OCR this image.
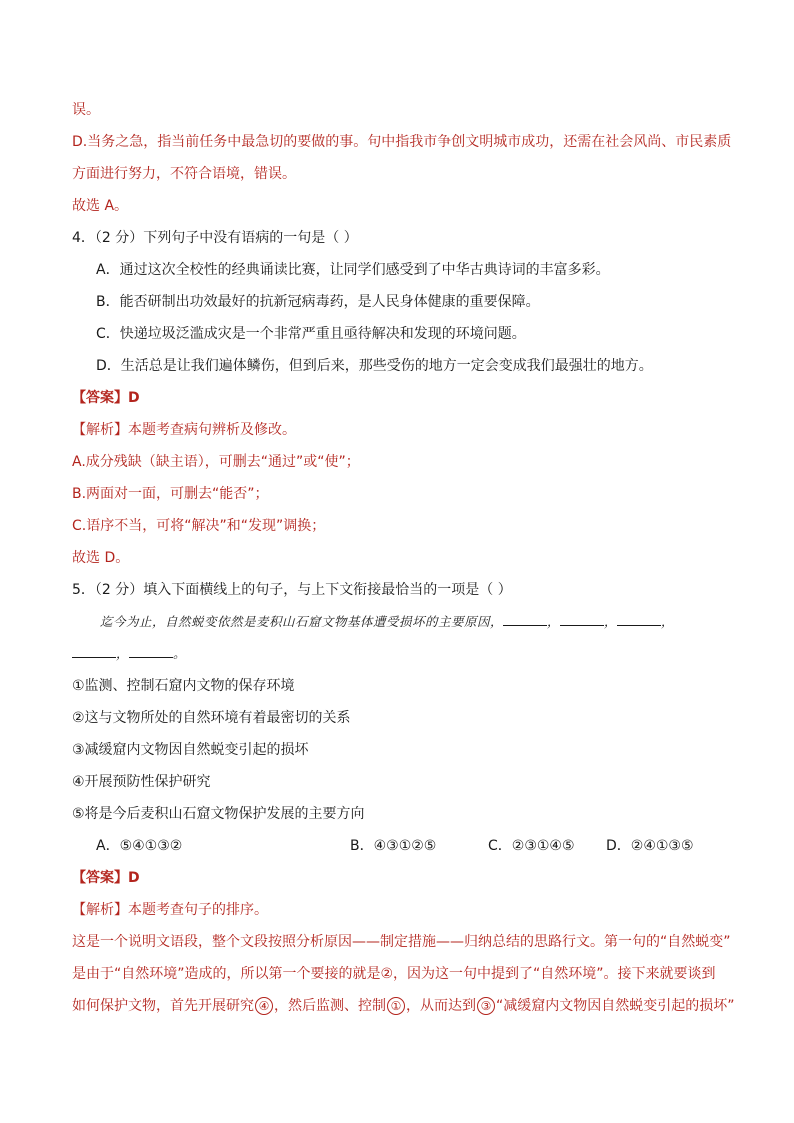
误。
D.当务之急，指当前任务中最急切的要做的事。句中指我市争创文明城市成功，还需在社会风尚、市民素质
方面进行努力，不符合语境，错误。
故选 A。
4．（2 分）下列句子中没有语病的一句是（ ）
A．通过这次全校性的经典诵读比赛，让同学们感受到了中华古典诗词的丰富多彩。
B．能否研制出功效最好的抗新冠病毒药，是人民身体健康的重要保障。
C．快递垃圾泛滥成灾是一个非常严重且亟待解决和发现的环境问题。
D．生活总是让我们遍体鳞伤，但到后来，那些受伤的地方一定会变成我们最强壮的地方。
【答案】D
【解析】本题考查病句辨析及修改。
A.成分残缺（缺主语），可删去“通过”或“使”；
B.两面对一面，可删去“能否”；
C.语序不当，可将“解决”和“发现”调换；
故选 D。
5．（2 分）填入下面横线上的句子，与上下文衔接最恰当的一项是（ ）
迄今为止，自然蜕变依然是麦积山石窟文物基体遭受损坏的主要原因，	，	，	，
，	。
①监测、控制石窟内文物的保存环境
②这与文物所处的自然环境有着最密切的关系
③减缓窟内文物因自然蜕变引起的损坏
④开展预防性保护研究
⑤将是今后麦积山石窟文物保护发展的主要方向
A．⑤④①③②	B．④③①②⑤	C．②③①④⑤ D．②④①③⑤
【答案】D
【解析】本题考查句子的排序。
这是一个说明文语段，整个文段按照分析原因——制定措施——归纳总结的思路行文。第一句的“自然蜕变”
是由于“自然环境”造成的，所以第一个要接的就是②，因为这一句中提到了“自然环境”。接下来就要谈到
如何保护文物，首先开展研究 ④ ，然后监测、控制 ① ，从而达到 ③ “减缓窟内文物因自然蜕变引起的损坏”
